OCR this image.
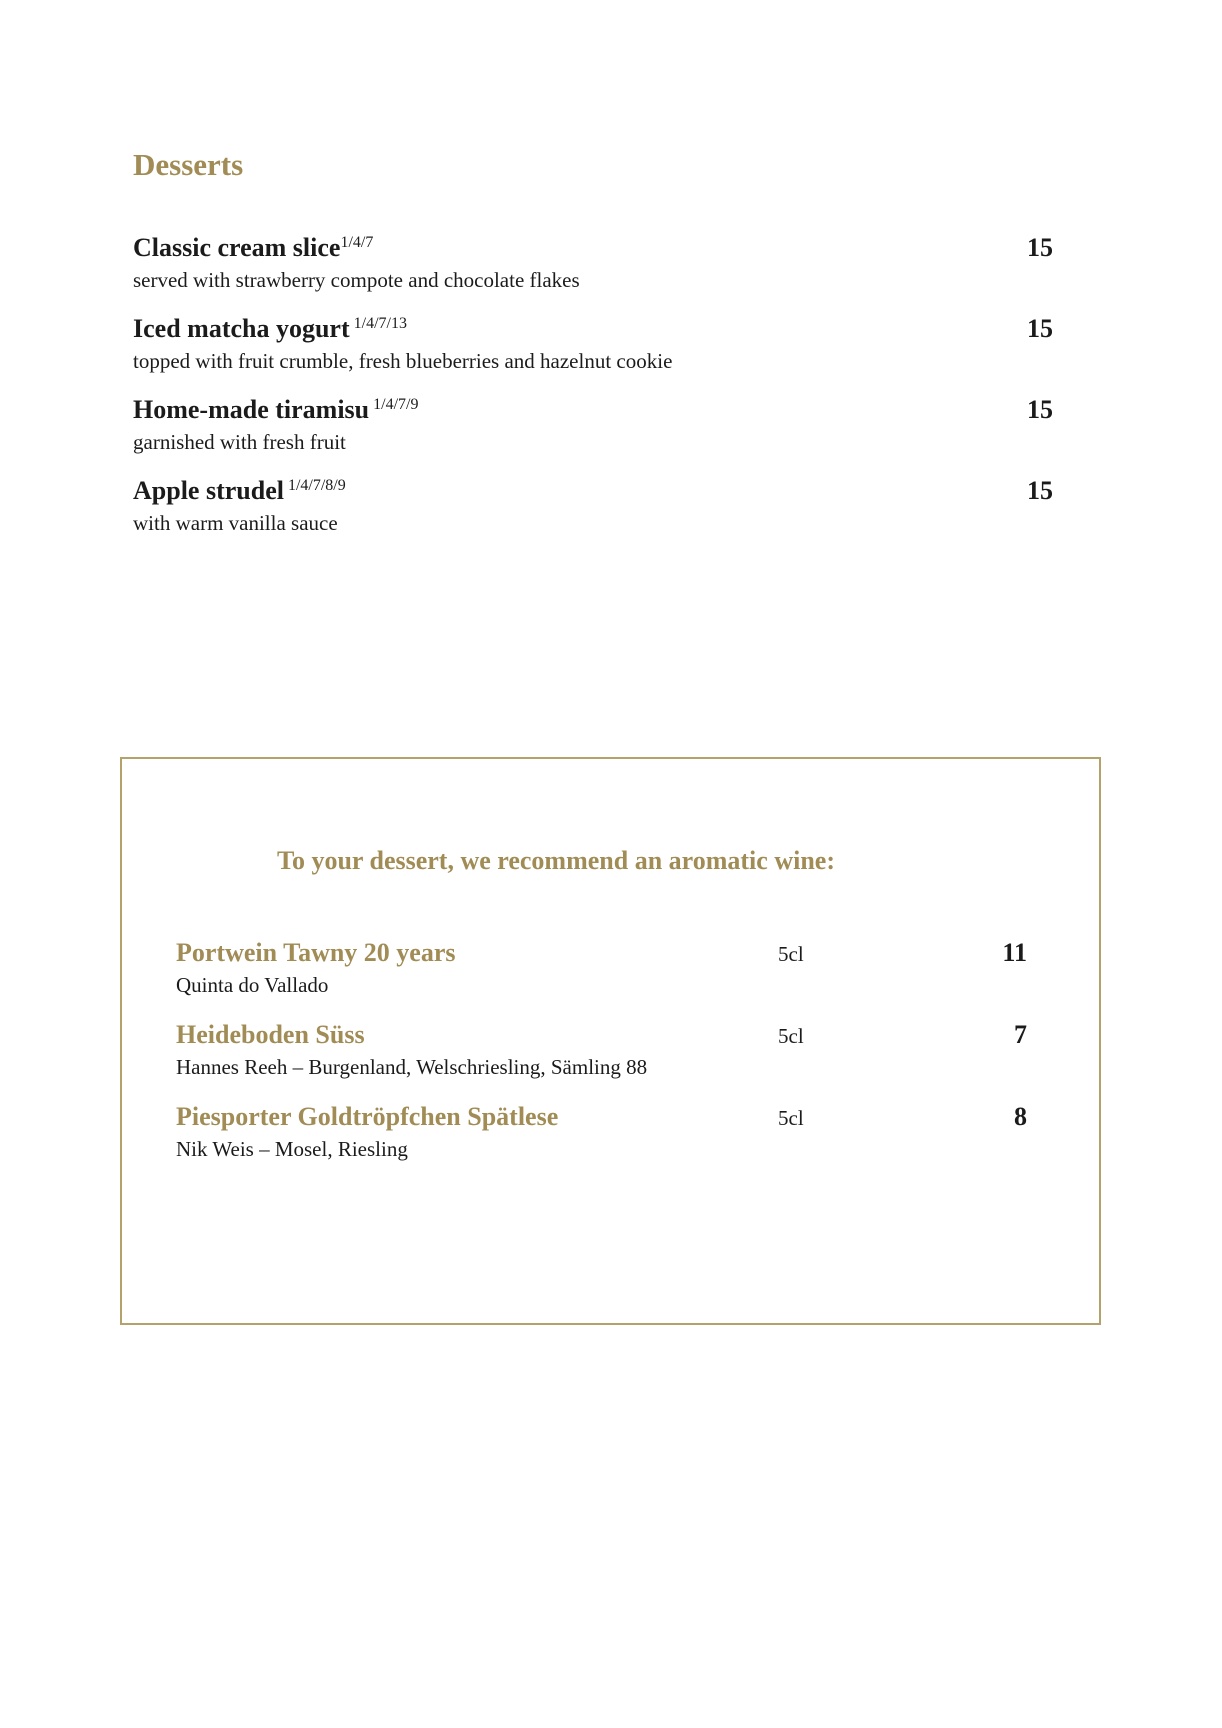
Desserts
Classic cream slice$^{1/4/7}$	15
served with strawberry compote and chocolate flakes
Iced matcha yogurt $^{1/4/7/13}$	15
topped with fruit crumble, fresh blueberries and hazelnut cookie
Home-made tiramisu $^{1/4/7/9}$	15
garnished with fresh fruit
Apple strudel $^{1/4/7/8/9}$	15
with warm vanilla sauce
To your dessert, we recommend an aromatic wine:
Portwein Tawny 20 years	5cl	11
Quinta do Vallado
Heideboden Süss	5cl	7
Hannes Reeh – Burgenland, Welschriesling, Sämling 88
Piesporter Goldtröpfchen Spätlese	5cl	8
Nik Weis – Mosel, Riesling
